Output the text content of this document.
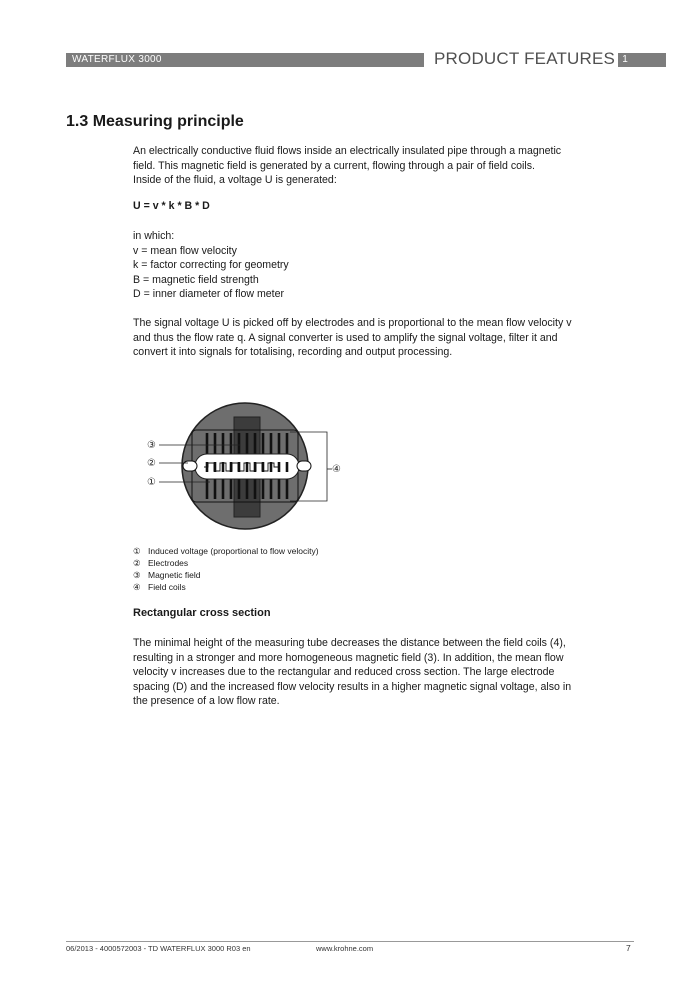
WATERFLUX 3000	PRODUCT FEATURES 1
1.3 Measuring principle

An electrically conductive fluid flows inside an electrically insulated pipe through a magnetic

field. This magnetic field is generated by a current, flowing through a pair of field coils.

Inside of the fluid, a voltage U is generated:

U = v * k * B * D

in which:

v = mean flow velocity

k = factor correcting for geometry

B = magnetic field strength

D = inner diameter of flow meter

The signal voltage U is picked off by electrodes and is proportional to the mean flow velocity v

and thus the flow rate q. A signal converter is used to amplify the signal voltage, filter it and

convert it into signals for totalising, recording and output processing.

③
②
①
④
① Induced voltage (proportional to flow velocity)
② Electrodes
③ Magnetic field
④ Field coils
Rectangular cross section

The minimal height of the measuring tube decreases the distance between the field coils (4),

resulting in a stronger and more homogeneous magnetic field (3). In addition, the mean flow

velocity v increases due to the rectangular and reduced cross section. The large electrode

spacing (D) and the increased flow velocity results in a higher magnetic signal voltage, also in

the presence of a low flow rate.

06/2013 - 4000572003 - TD WATERFLUX 3000 R03 en	www.krohne.com	7
